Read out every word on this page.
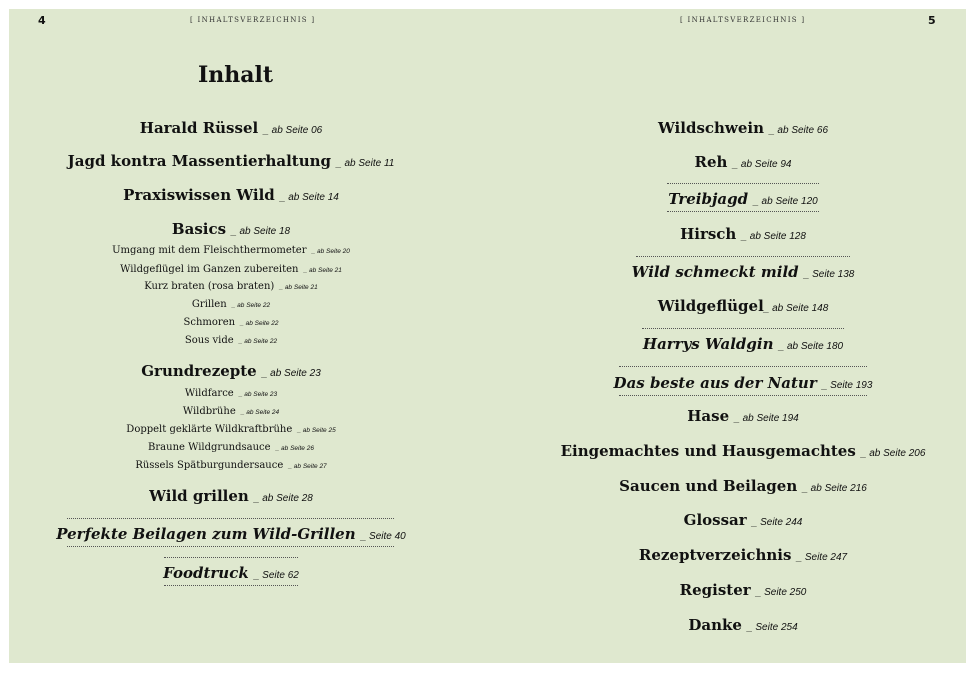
4	5
[ INHALTSVERZEICHNIS ]	[ INHALTSVERZEICHNIS ]
Inhalt
Harald Rüssel _ ab Seite 06
Jagd kontra Massentierhaltung _ ab Seite 11
Praxiswissen Wild _ ab Seite 14
Basics _ ab Seite 18
Umgang mit dem Fleischthermometer _ ab Seite 20
Wildgeflügel im Ganzen zubereiten _ ab Seite 21
Kurz braten (rosa braten) _ ab Seite 21
Grillen _ ab Seite 22
Schmoren _ ab Seite 22
Sous vide _ ab Seite 22
Grundrezepte _ ab Seite 23
Wildfarce _ ab Seite 23
Wildbrühe _ ab Seite 24
Doppelt geklärte Wildkraftbrühe _ ab Seite 25
Braune Wildgrundsauce _ ab Seite 26
Rüssels Spätburgundersauce _ ab Seite 27
Wild grillen _ ab Seite 28
Perfekte Beilagen zum Wild-Grillen _ Seite 40
Foodtruck _ Seite 62
Wildschwein _ ab Seite 66
Reh _ ab Seite 94
Treibjagd _ ab Seite 120
Hirsch _ ab Seite 128
Wild schmeckt mild _ Seite 138
Wildgeflügel_ ab Seite 148
Harrys Waldgin _ ab Seite 180
Das beste aus der Natur _ Seite 193
Hase _ ab Seite 194
Eingemachtes und Hausgemachtes _ ab Seite 206
Saucen und Beilagen _ ab Seite 216
Glossar _ Seite 244
Rezeptverzeichnis _ Seite 247
Register _ Seite 250
Danke _ Seite 254
